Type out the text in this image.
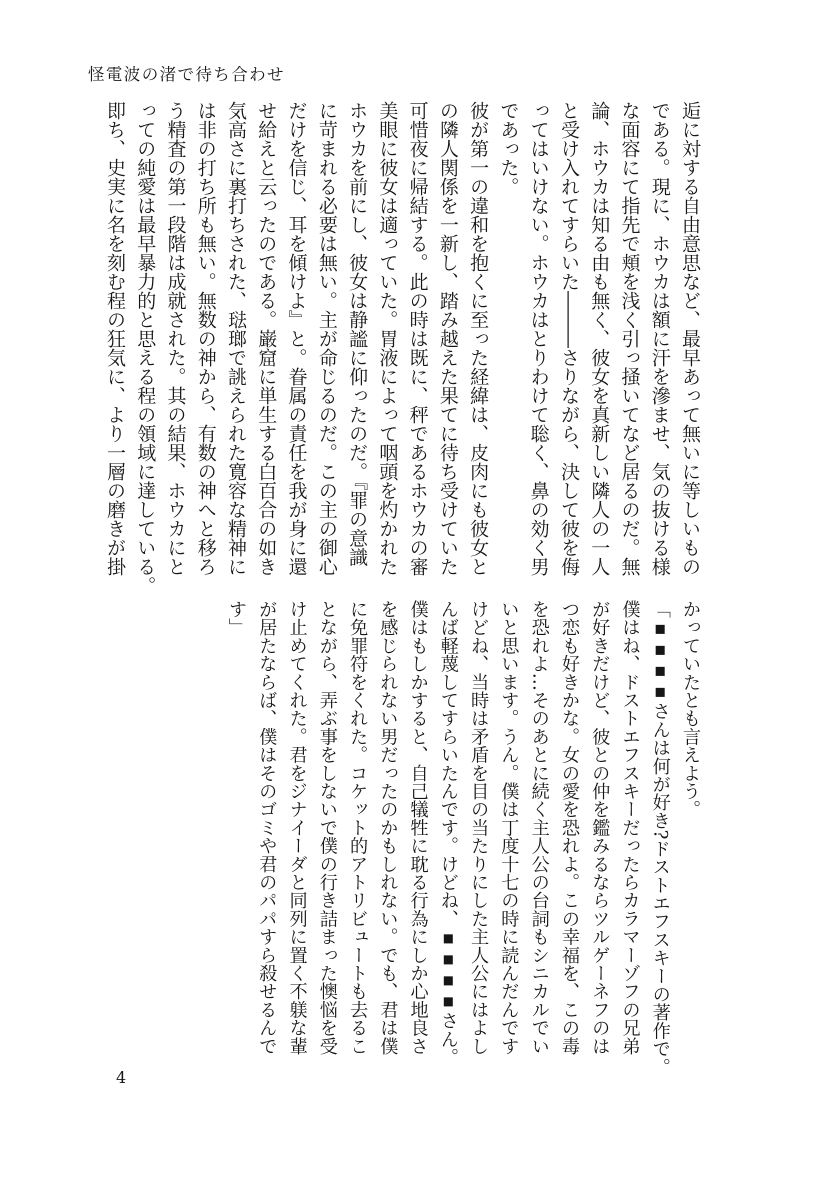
怪電波の渚で待ち合わせ
逅に対する自由意思など、最早あって無いに等しいもの
である。現に、ホウカは額に汗を滲ませ、気の抜ける様
な面容にて指先で頬を浅く引っ掻いてなど居るのだ。無
論、ホウカは知る由も無く、彼女を真新しい隣人の一人
と受け入れてすらいた―――さりながら、決して彼を侮
ってはいけない。ホウカはとりわけて聡く、鼻の効く男
であった。
彼が第一の違和を抱くに至った経緯は、皮肉にも彼女と
の隣人関係を一新し、踏み越えた果てに待ち受けていた
可惜夜に帰結する。此の時は既に、秤であるホウカの審
美眼に彼女は適っていた。胃液によって咽頭を灼かれた
ホウカを前にし、彼女は静謐に仰ったのだ。『罪の意識
に苛まれる必要は無い。主が命じるのだ。この主の御心
だけを信じ、耳を傾けよ』と。眷属の責任を我が身に還
せ給えと云ったのである。巌窟に単生する白百合の如き
気高さに裏打ちされた、琺瑯で誂えられた寛容な精神に
は非の打ち所も無い。無数の神から、有数の神へと移ろ
う精査の第一段階は成就された。其の結果、ホウカにと
っての純愛は最早暴力的と思える程の領域に達している。
即ち、史実に名を刻む程の狂気に、より一層の磨きが掛
かっていたとも言えよう。
「▪▪▪▪さんは何が好き?ドストエフスキーの著作で。
僕はね、ドストエフスキーだったらカラマーゾフの兄弟
が好きだけど、彼との仲を鑑みるならツルゲーネフのは
つ恋も好きかな。女の愛を恐れよ。この幸福を、この毒
を恐れよ…そのあとに続く主人公の台詞もシニカルでい
いと思います。うん。僕は丁度十七の時に読んだんです
けどね、当時は矛盾を目の当たりにした主人公にはよし
んば軽蔑してすらいたんです。けどね、▪▪▪▪さん。
僕はもしかすると、自己犠牲に耽る行為にしか心地良さ
を感じられない男だったのかもしれない。でも、君は僕
に免罪符をくれた。コケット的アトリビュートも去るこ
とながら、弄ぶ事をしないで僕の行き詰まった懊悩を受
け止めてくれた。君をジナイーダと同列に置く不躾な輩
が居たならば、僕はそのゴミや君のパパすら殺せるんで
す」
4
